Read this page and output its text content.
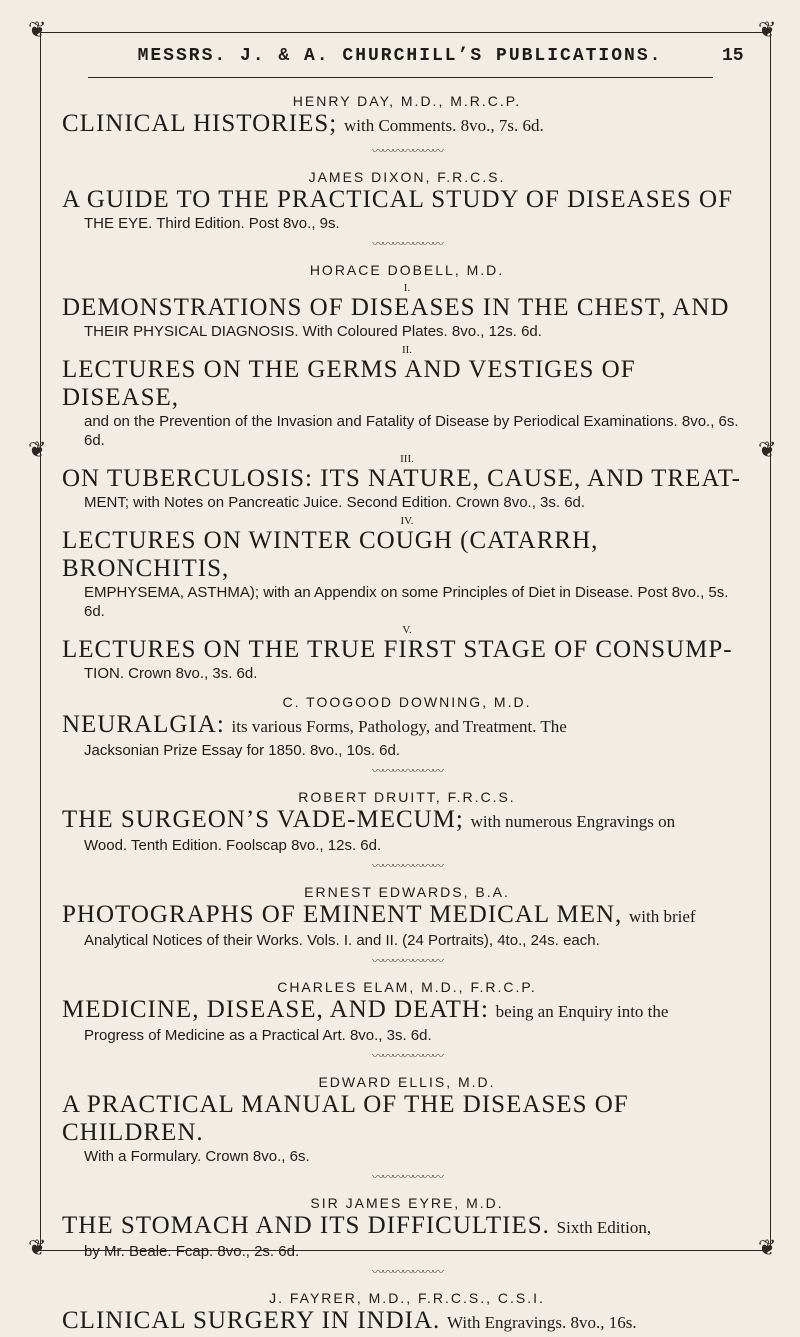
❦	❦
❦	❦
❦	❦
MESSRS. J. & A. CHURCHILL’S PUBLICATIONS.	15
HENRY DAY, M.D., M.R.C.P.
CLINICAL HISTORIES; with Comments. 8vo., 7s. 6d.
〰〰〰〰〰〰〰
JAMES DIXON, F.R.C.S.
A GUIDE TO THE PRACTICAL STUDY OF DISEASES OF
THE EYE. Third Edition. Post 8vo., 9s.
〰〰〰〰〰〰〰
HORACE DOBELL, M.D.
I.
DEMONSTRATIONS OF DISEASES IN THE CHEST, AND
THEIR PHYSICAL DIAGNOSIS. With Coloured Plates. 8vo., 12s. 6d.
II.
LECTURES ON THE GERMS AND VESTIGES OF DISEASE,
and on the Prevention of the Invasion and Fatality of Disease by Periodical Examinations. 8vo., 6s. 6d.
III.
ON TUBERCULOSIS: ITS NATURE, CAUSE, AND TREAT-
MENT; with Notes on Pancreatic Juice. Second Edition. Crown 8vo., 3s. 6d.
IV.
LECTURES ON WINTER COUGH (CATARRH, BRONCHITIS,
EMPHYSEMA, ASTHMA); with an Appendix on some Principles of Diet in Disease. Post 8vo., 5s. 6d.
V.
LECTURES ON THE TRUE FIRST STAGE OF CONSUMP-
TION. Crown 8vo., 3s. 6d.
C. TOOGOOD DOWNING, M.D.
NEURALGIA: its various Forms, Pathology, and Treatment. The
Jacksonian Prize Essay for 1850. 8vo., 10s. 6d.
〰〰〰〰〰〰〰
ROBERT DRUITT, F.R.C.S.
THE SURGEON’S VADE-MECUM; with numerous Engravings on
Wood. Tenth Edition. Foolscap 8vo., 12s. 6d.
〰〰〰〰〰〰〰
ERNEST EDWARDS, B.A.
PHOTOGRAPHS OF EMINENT MEDICAL MEN, with brief
Analytical Notices of their Works. Vols. I. and II. (24 Portraits), 4to., 24s. each.
〰〰〰〰〰〰〰
CHARLES ELAM, M.D., F.R.C.P.
MEDICINE, DISEASE, AND DEATH: being an Enquiry into the
Progress of Medicine as a Practical Art. 8vo., 3s. 6d.
〰〰〰〰〰〰〰
EDWARD ELLIS, M.D.
A PRACTICAL MANUAL OF THE DISEASES OF CHILDREN.
With a Formulary. Crown 8vo., 6s.
〰〰〰〰〰〰〰
SIR JAMES EYRE, M.D.
THE STOMACH AND ITS DIFFICULTIES. Sixth Edition,
by Mr. Beale. Fcap. 8vo., 2s. 6d.
〰〰〰〰〰〰〰
J. FAYRER, M.D., F.R.C.S., C.S.I.
CLINICAL SURGERY IN INDIA. With Engravings. 8vo., 16s.
